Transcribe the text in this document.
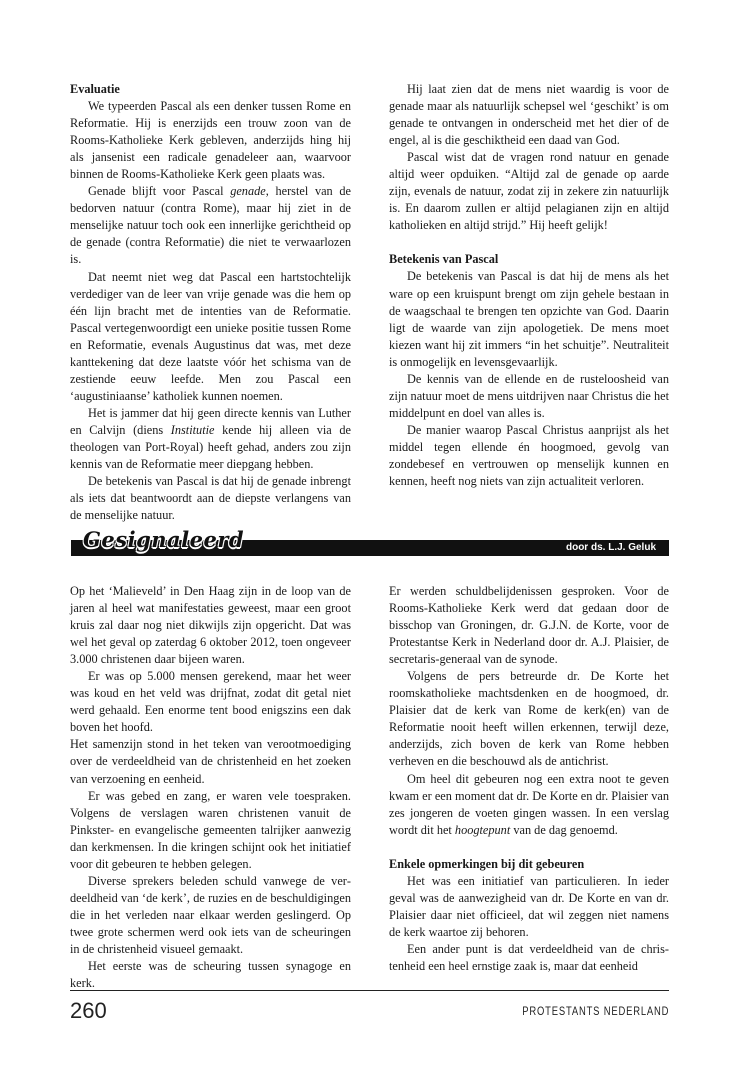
Evaluatie

We typeerden Pascal als een denker tussen Rome en Reformatie. Hij is enerzijds een trouw zoon van de Rooms-Katholieke Kerk gebleven, anderzijds hing hij als jansenist een radicale genadeleer aan, waarvoor binnen de Rooms-Katholieke Kerk geen plaats was.

Genade blijft voor Pascal genade, herstel van de bedorven natuur (contra Rome), maar hij ziet in de menselijke natuur toch ook een innerlijke gerichtheid op de genade (contra Reformatie) die niet te verwaarlozen is.

Dat neemt niet weg dat Pascal een hartstochtelijk verdediger van de leer van vrije genade was die hem op één lijn bracht met de intenties van de Reformatie. Pascal vertegenwoordigt een unieke positie tussen Rome en Reformatie, evenals Augustinus dat was, met deze kanttekening dat deze laatste vóór het schisma van de zestiende eeuw leefde. Men zou Pascal een ‘augustiniaanse’ katholiek kunnen noemen.

Het is jammer dat hij geen directe kennis van Luther en Calvijn (diens Institutie kende hij alleen via de theologen van Port-Royal) heeft gehad, anders zou zijn kennis van de Reformatie meer diepgang hebben.

De betekenis van Pascal is dat hij de genade inbrengt als iets dat beantwoordt aan de diepste verlangens van de menselijke natuur.

Hij laat zien dat de mens niet waardig is voor de genade maar als natuurlijk schepsel wel ‘geschikt’ is om genade te ontvangen in onderscheid met het dier of de engel, al is die geschiktheid een daad van God.

Pascal wist dat de vragen rond natuur en genade altijd weer opduiken. “Altijd zal de genade op aarde zijn, evenals de natuur, zodat zij in zekere zin natuurlijk is. En daarom zullen er altijd pelagianen zijn en altijd katholieken en altijd strijd.” Hij heeft gelijk!

Betekenis van Pascal

De betekenis van Pascal is dat hij de mens als het ware op een kruispunt brengt om zijn gehele bestaan in de waagschaal te brengen ten opzichte van God. Daarin ligt de waarde van zijn apologetiek. De mens moet kiezen want hij zit immers “in het schuitje”. Neutraliteit is onmogelijk en levensgevaarlijk.

De kennis van de ellende en de rusteloosheid van zijn natuur moet de mens uitdrijven naar Christus die het middelpunt en doel van alles is.

De manier waarop Pascal Christus aanprijst als het middel tegen ellende én hoogmoed, gevolg van zondebesef en vertrouwen op menselijk kunnen en kennen, heeft nog niets van zijn actualiteit verloren.

Gesignaleerd	door ds. L.J. Geluk

Op het ‘Malieveld’ in Den Haag zijn in de loop van de jaren al heel wat manifestaties geweest, maar een groot kruis zal daar nog niet dikwijls zijn opgericht. Dat was wel het geval op zaterdag 6 oktober 2012, toen ongeveer 3.000 christenen daar bijeen waren.

Er was op 5.000 mensen gerekend, maar het weer was koud en het veld was drijfnat, zodat dit getal niet werd gehaald. Een enorme tent bood enigszins een dak boven het hoofd.

Het samenzijn stond in het teken van verootmoediging over de verdeeldheid van de christenheid en het zoeken van verzoening en eenheid.

Er was gebed en zang, er waren vele toespraken. Volgens de verslagen waren christenen vanuit de Pinkster- en evangelische gemeenten talrijker aanwezig dan kerkmensen. In die kringen schijnt ook het initiatief voor dit gebeuren te hebben gelegen.

Diverse sprekers beleden schuld vanwege de verdeeldheid van ‘de kerk’, de ruzies en de beschuldigingen die in het verleden naar elkaar werden geslingerd. Op twee grote schermen werd ook iets van de scheuringen in de christenheid visueel gemaakt.

Het eerste was de scheuring tussen synagoge en kerk.

Er werden schuldbelijdenissen gesproken. Voor de Rooms-Katholieke Kerk werd dat gedaan door de bisschop van Groningen, dr. G.J.N. de Korte, voor de Protestantse Kerk in Nederland door dr. A.J. Plaisier, de secretaris-generaal van de synode.

Volgens de pers betreurde dr. De Korte het roomskatholieke machtsdenken en de hoogmoed, dr. Plaisier dat de kerk van Rome de kerk(en) van de Reformatie nooit heeft willen erkennen, terwijl deze, anderzijds, zich boven de kerk van Rome hebben verheven en die beschouwd als de antichrist.

Om heel dit gebeuren nog een extra noot te geven kwam er een moment dat dr. De Korte en dr. Plaisier van zes jongeren de voeten gingen wassen. In een verslag wordt dit het hoogtepunt van de dag genoemd.

Enkele opmerkingen bij dit gebeuren

Het was een initiatief van particulieren. In ieder geval was de aanwezigheid van dr. De Korte en van dr. Plaisier daar niet officieel, dat wil zeggen niet namens de kerk waartoe zij behoren.

Een ander punt is dat verdeeldheid van de christenheid een heel ernstige zaak is, maar dat eenheid

260	PROTESTANTS NEDERLAND
